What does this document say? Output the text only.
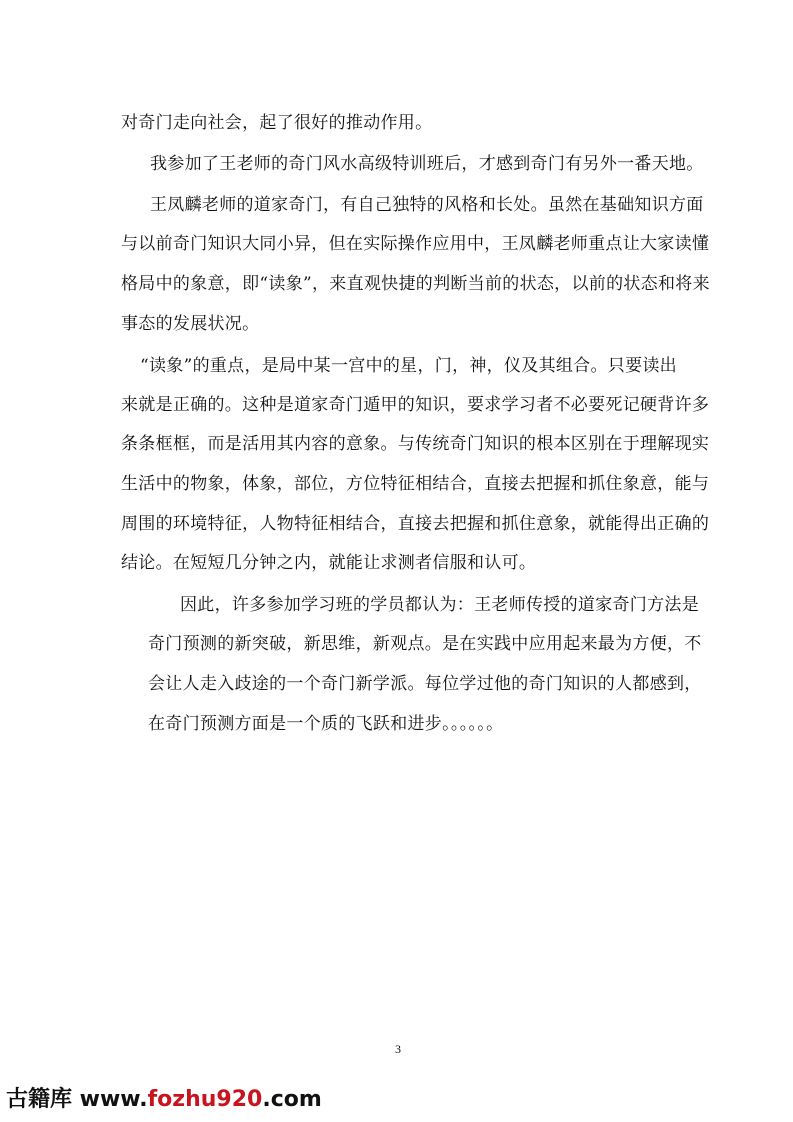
对奇门走向社会，起了很好的推动作用。
我参加了王老师的奇门风水高级特训班后，才感到奇门有另外一番天地。
王凤麟老师的道家奇门，有自己独特的风格和长处。虽然在基础知识方面
与以前奇门知识大同小异，但在实际操作应用中，王凤麟老师重点让大家读懂
格局中的象意，即“读象”，来直观快捷的判断当前的状态，以前的状态和将来
事态的发展状况。
“读象”的重点，是局中某一宫中的星，门，神，仪及其组合。只要读出
来就是正确的。这种是道家奇门遁甲的知识，要求学习者不必要死记硬背许多
条条框框，而是活用其内容的意象。与传统奇门知识的根本区别在于理解现实
生活中的物象，体象，部位，方位特征相结合，直接去把握和抓住象意，能与
周围的环境特征，人物特征相结合，直接去把握和抓住意象，就能得出正确的
结论。在短短几分钟之内，就能让求测者信服和认可。
因此，许多参加学习班的学员都认为：王老师传授的道家奇门方法是
奇门预测的新突破，新思维，新观点。是在实践中应用起来最为方便，不
会让人走入歧途的一个奇门新学派。每位学过他的奇门知识的人都感到，
在奇门预测方面是一个质的飞跃和进步。。。。。。
3
古籍库 www.fozhu920.com
